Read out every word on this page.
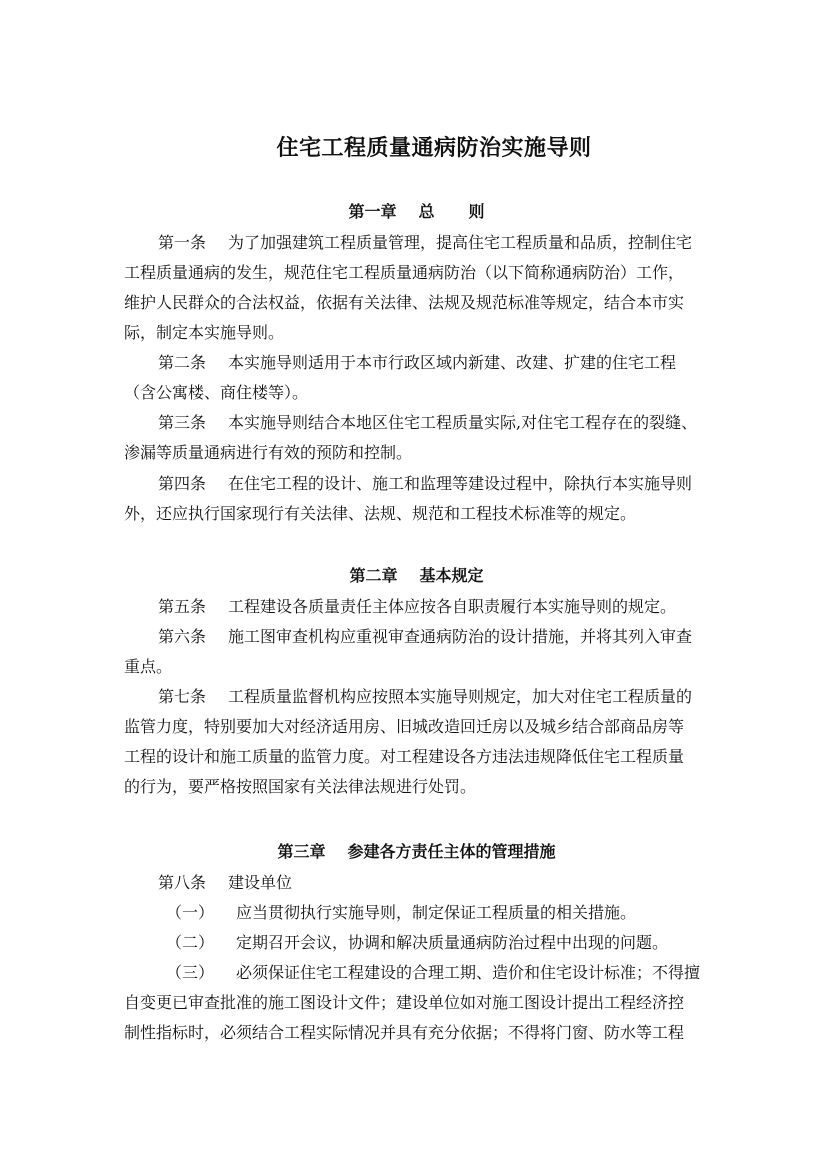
住宅工程质量通病防治实施导则
第一章 总 则
第一条 为了加强建筑工程质量管理，提高住宅工程质量和品质，控制住宅
工程质量通病的发生，规范住宅工程质量通病防治（以下简称通病防治）工作，
维护人民群众的合法权益，依据有关法律、法规及规范标准等规定，结合本市实
际，制定本实施导则。
第二条 本实施导则适用于本市行政区域内新建、改建、扩建的住宅工程
（含公寓楼、商住楼等）。
第三条 本实施导则结合本地区住宅工程质量实际,对住宅工程存在的裂缝、
渗漏等质量通病进行有效的预防和控制。
第四条 在住宅工程的设计、施工和监理等建设过程中，除执行本实施导则
外，还应执行国家现行有关法律、法规、规范和工程技术标准等的规定。
第二章 基本规定
第五条 工程建设各质量责任主体应按各自职责履行本实施导则的规定。
第六条 施工图审查机构应重视审查通病防治的设计措施，并将其列入审查
重点。
第七条 工程质量监督机构应按照本实施导则规定，加大对住宅工程质量的
监管力度，特别要加大对经济适用房、旧城改造回迁房以及城乡结合部商品房等
工程的设计和施工质量的监管力度。对工程建设各方违法违规降低住宅工程质量
的行为，要严格按照国家有关法律法规进行处罚。
第三章 参建各方责任主体的管理措施
第八条 建设单位
（一） 应当贯彻执行实施导则，制定保证工程质量的相关措施。
（二） 定期召开会议，协调和解决质量通病防治过程中出现的问题。
（三） 必须保证住宅工程建设的合理工期、造价和住宅设计标准；不得擅
自变更已审查批准的施工图设计文件；建设单位如对施工图设计提出工程经济控
制性指标时，必须结合工程实际情况并具有充分依据；不得将门窗、防水等工程
